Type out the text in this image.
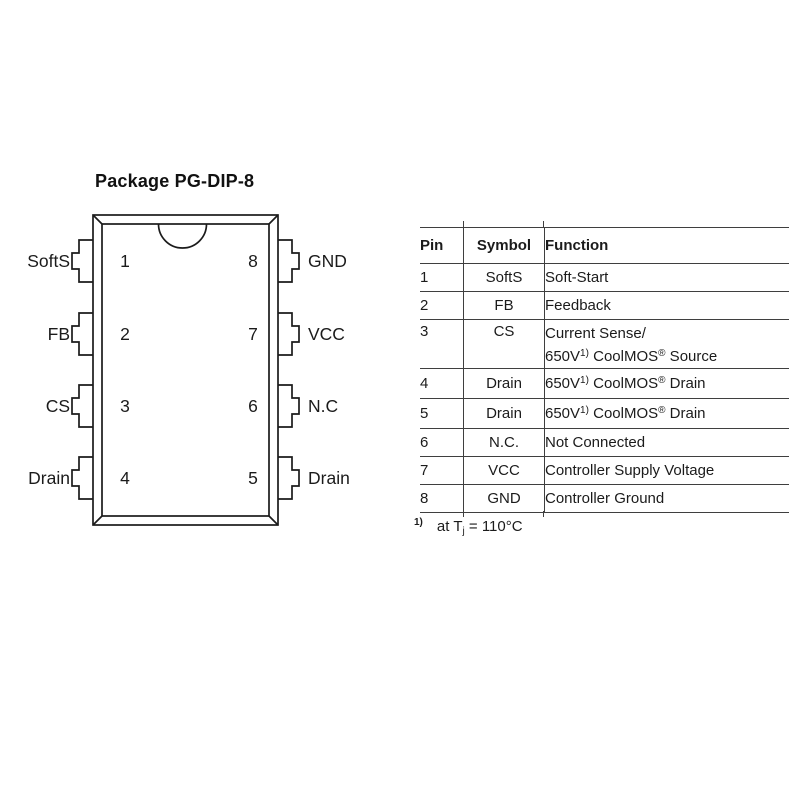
Package PG-DIP-8
1
2
3
4
8
7
6
5
SoftS
FB
CS
Drain
GND
VCC
N.C
Drain
Pin	Symbol	Function
1	SoftS	Soft-Start
2	FB	Feedback
3	CS	Current Sense/
$650V^{1)}$ CoolMOS® Source

4	Drain	$650V^{1)}$ CoolMOS® Drain
5	Drain	$650V^{1)}$ CoolMOS® Drain
6	N.C.	Not Connected
7	VCC	Controller Supply Voltage
8	GND	Controller Ground
$^{1)}$ at $T_j = 110^\circ C$
